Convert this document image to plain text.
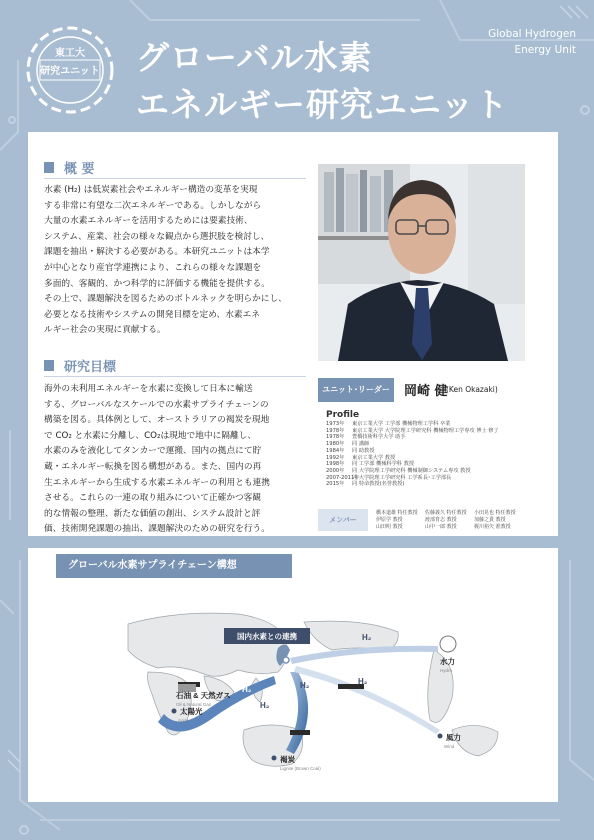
東工大
研究ユニット	グローバル水素
エネルギー研究ユニット
Global Hydrogen
Energy Unit
概 要
水素 (H₂) は低炭素社会やエネルギー構造の変革を実現
する非常に有望な二次エネルギーである。しかしながら
大量の水素エネルギーを活用するためには要素技術、
システム、産業、社会の様々な観点から選択肢を検討し、
課題を抽出・解決する必要がある。本研究ユニットは本学
が中心となり産官学連携により、これらの様々な課題を
多面的、客観的、かつ科学的に評価する機能を提供する。
その上で、課題解決を図るためのボトルネックを明らかにし、
必要となる技術やシステムの開発目標を定め、水素エネ
ルギー社会の実現に貢献する。
研究目標
海外の未利用エネルギーを水素に変換して日本に輸送
する、グローバルなスケールでの水素サプライチェーンの
構築を図る。具体例として、オーストラリアの褐炭を現地
で CO₂ と水素に分離し、CO₂は現地で地中に隔離し、
水素のみを液化してタンカーで運搬、国内の拠点にて貯
蔵・エネルギー転換を図る構想がある。また、国内の再
生エネルギーから生成する水素エネルギーの利用とも連携
させる。これらの一連の取り組みについて正確かつ客観
的な情報の整理、新たな価値の創出、システム設計と評
価、技術開発課題の抽出、課題解決のための研究を行う。
ユニット･リーダー	岡崎 健
(Ken Okazaki)
Profile
1973年 東京工業大学 工学部 機械物理工学科 卒業
1978年 東京工業大学 大学院理工学研究科 機械物理工学専攻 博士 修了
1978年 豊橋技術科学大学 助手
1980年 同 講師
1984年 同 助教授
1992年 東京工業大学 教授
1998年 同 工学部 機械科学科 教授
2000年 同 大学院理工学研究科 機械制御システム専攻 教授
2007-2011年同 大学院理工学研究科 工学系長･工学部長
2015年 同 特命教授(名誉教授)
メンバー
橋本道雄 特任教授 佐藤義久 特任教授 小田晃也 特任教授
伊原学 教授	渡部育志 教授	加藤之貴 教授
山田明 教授	山中一郎 教授	梶川裕矢 准教授
グローバル水素サプライチェーン構想
国内水素との連携	H₂
H₂
H₂
H₂
H₂
水力
Hydro
風力
Wind
石油 & 天然ガス
Oil & Natural Gas
太陽光
Solar
褐炭
Lignite (Brown Coal)
